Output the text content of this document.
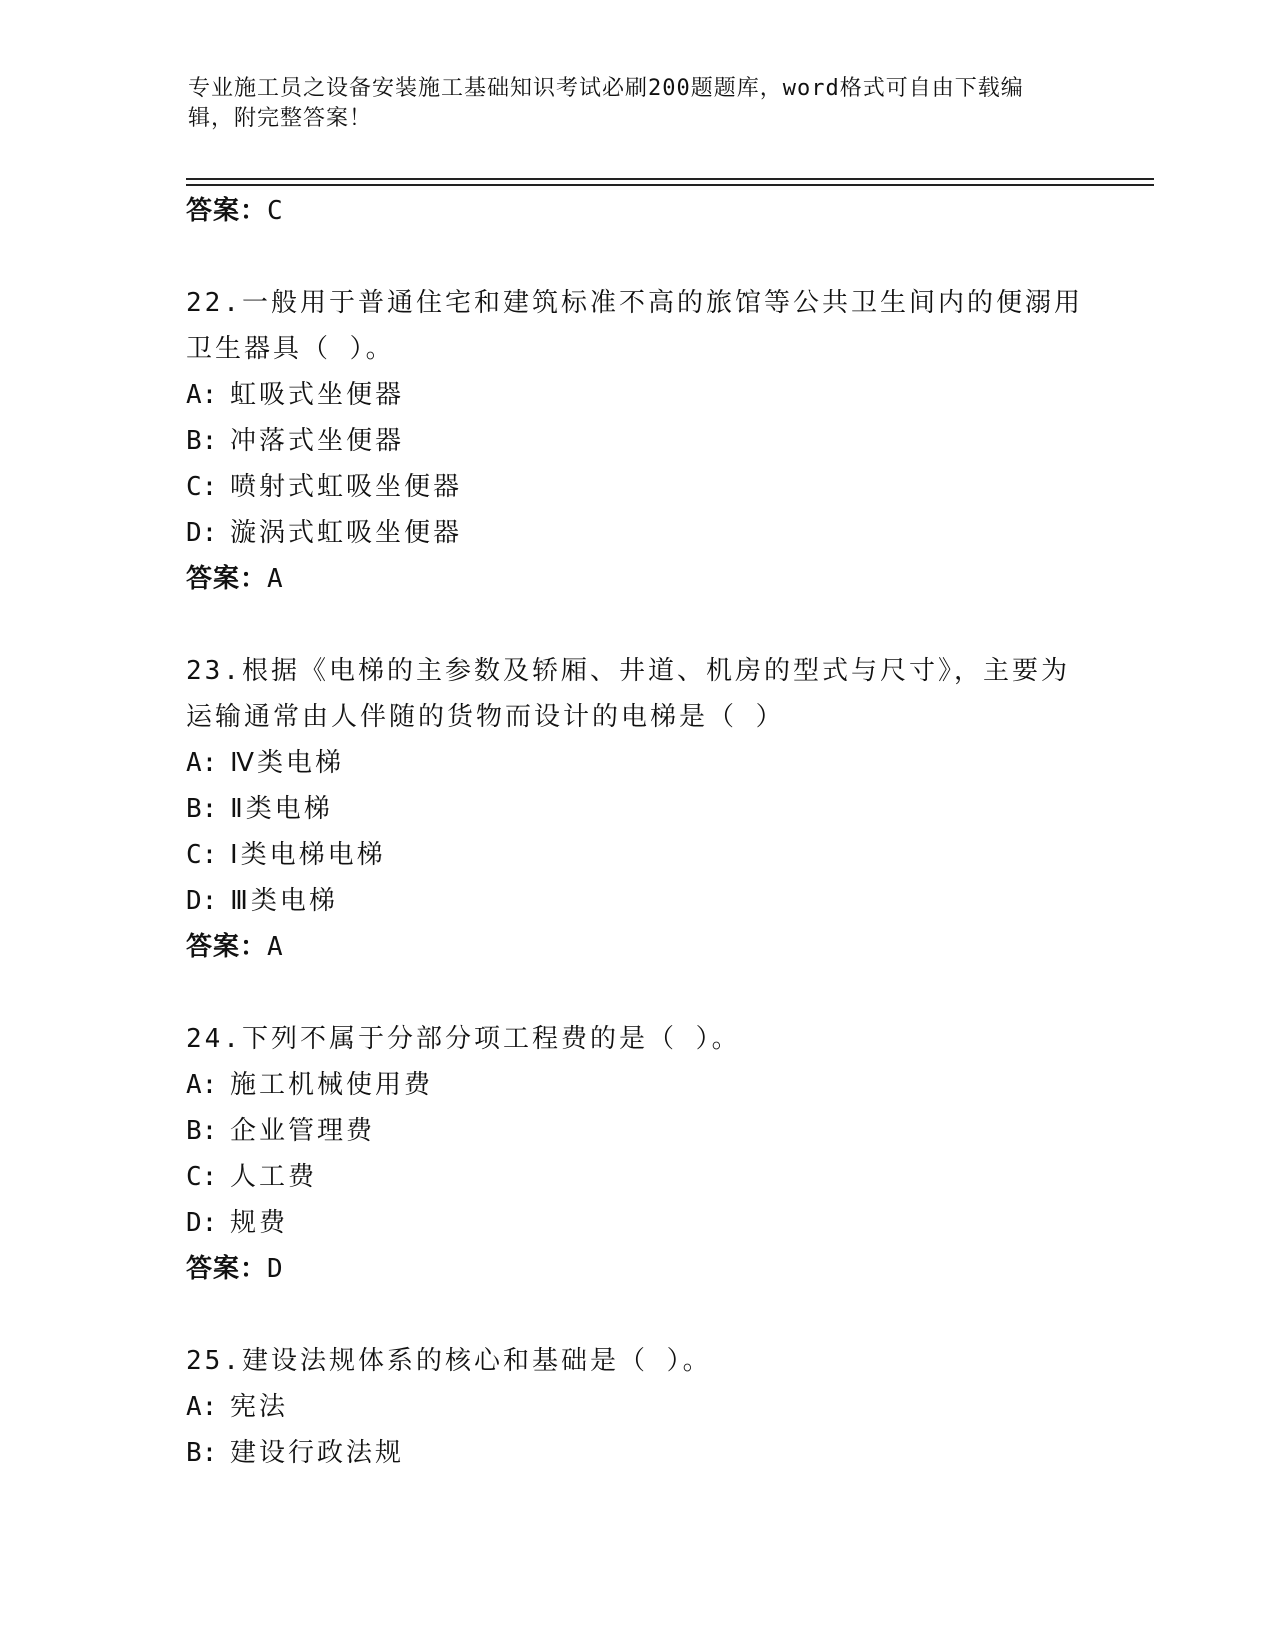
专业施工员之设备安装施工基础知识考试必刷200题题库，word格式可自由下载编辑，附完整答案！
答案：C
22.一般用于普通住宅和建筑标准不高的旅馆等公共卫生间内的便溺用卫生器具（ ）。
A: 虹吸式坐便器
B: 冲落式坐便器
C: 喷射式虹吸坐便器
D: 漩涡式虹吸坐便器
答案：A
23.根据《电梯的主参数及轿厢、井道、机房的型式与尺寸》，主要为运输通常由人伴随的货物而设计的电梯是（ ）
A: Ⅳ类电梯
B: Ⅱ类电梯
C: Ⅰ类电梯电梯
D: Ⅲ类电梯
答案：A
24.下列不属于分部分项工程费的是（ ）。
A: 施工机械使用费
B: 企业管理费
C: 人工费
D: 规费
答案：D
25.建设法规体系的核心和基础是（ ）。
A: 宪法
B: 建设行政法规
